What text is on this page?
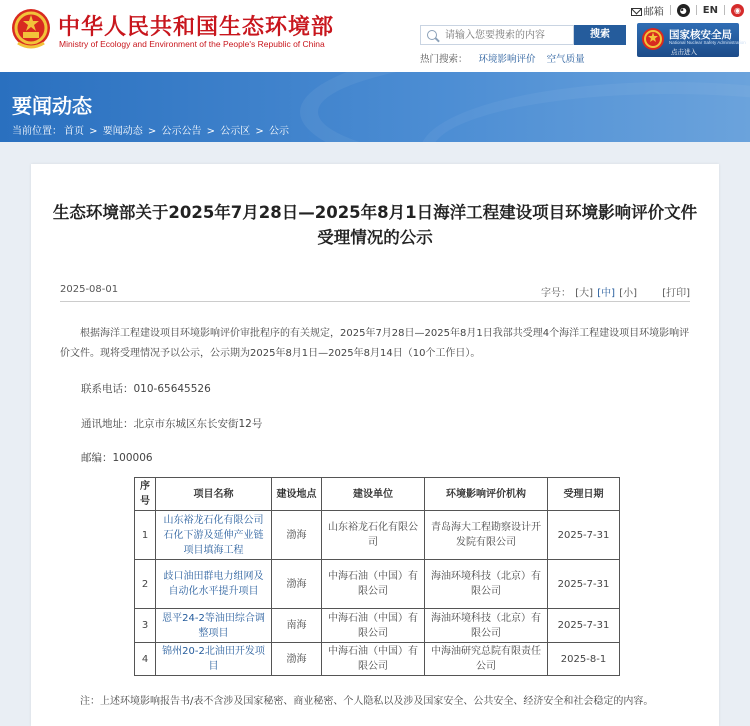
中华人民共和国生态环境部
Ministry of Ecology and Environment of the People's Republic of China
邮箱	◕	EN	◉
请输入您要搜索的内容
搜索
热门搜索： 环境影响评价 空气质量
国家核安全局
National Nuclear Safety Administration
点击进入
要闻动态
当前位置： 首页 > 要闻动态 > 公示公告 > 公示区 > 公示
生态环境部关于2025年7月28日—2025年8月1日海洋工程建设项目环境影响评价文件受理情况的公示
2025-08-01	字号： [大] [中] [小]	[打印]
根据海洋工程建设项目环境影响评价审批程序的有关规定，2025年7月28日—2025年8月1日我部共受理4个海洋工程建设项目环境影响评价文件。现将受理情况予以公示，公示期为2025年8月1日—2025年8月14日（10个工作日）。
联系电话：010-65645526
通讯地址：北京市东城区东长安街12号
邮编：100006
序号	项目名称	建设地点	建设单位	环境影响评价机构	受理日期
1	山东裕龙石化有限公司石化下游及延伸产业链项目填海工程	渤海	山东裕龙石化有限公司	青岛海大工程勘察设计开发院有限公司	2025-7-31
2	歧口油田群电力组网及自动化水平提升项目	渤海	中海石油（中国）有限公司	海油环境科技（北京）有限公司	2025-7-31
3	恩平24-2等油田综合调整项目	南海	中海石油（中国）有限公司	海油环境科技（北京）有限公司	2025-7-31
4	锦州20-2北油田开发项目	渤海	中海石油（中国）有限公司	中海油研究总院有限责任公司	2025-8-1
注：上述环境影响报告书/表不含涉及国家秘密、商业秘密、个人隐私以及涉及国家安全、公共安全、经济安全和社会稳定的内容。
